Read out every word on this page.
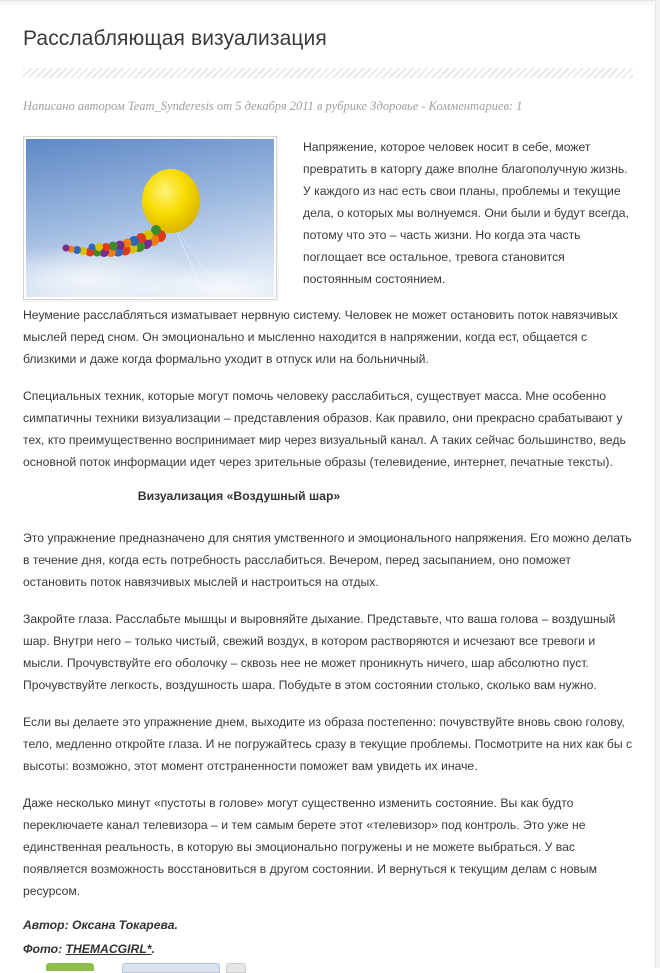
Расслабляющая визуализация
Написано автором Team_Synderesis от 5 декабря 2011 в рубрике Здоровье - Комментариев: 1

Напряжение, которое человек носит в себе, может превратить в каторгу даже вполне благополучную жизнь. У каждого из нас есть свои планы, проблемы и текущие дела, о которых мы волнуемся. Они были и будут всегда, потому что это – часть жизни. Но когда эта часть поглощает все остальное, тревога становится постоянным состоянием.

Неумение расслабляться изматывает нервную систему. Человек не может остановить поток навязчивых мыслей перед сном. Он эмоционально и мысленно находится в напряжении, когда ест, общается с близкими и даже когда формально уходит в отпуск или на больничный.

Специальных техник, которые могут помочь человеку расслабиться, существует масса. Мне особенно симпатичны техники визуализации – представления образов. Как правило, они прекрасно срабатывают у тех, кто преимущественно воспринимает мир через визуальный канал. А таких сейчас большинство, ведь основной поток информации идет через зрительные образы (телевидение, интернет, печатные тексты).

Визуализация «Воздушный шар»

Это упражнение предназначено для снятия умственного и эмоционального напряжения. Его можно делать в течение дня, когда есть потребность расслабиться. Вечером, перед засыпанием, оно поможет остановить поток навязчивых мыслей и настроиться на отдых.

Закройте глаза. Расслабьте мышцы и выровняйте дыхание. Представьте, что ваша голова – воздушный шар. Внутри него – только чистый, свежий воздух, в котором растворяются и исчезают все тревоги и мысли. Прочувствуйте его оболочку – сквозь нее не может проникнуть ничего, шар абсолютно пуст. Прочувствуйте легкость, воздушность шара. Побудьте в этом состоянии столько, сколько вам нужно.

Если вы делаете это упражнение днем, выходите из образа постепенно: почувствуйте вновь свою голову, тело, медленно откройте глаза. И не погружайтесь сразу в текущие проблемы. Посмотрите на них как бы с высоты: возможно, этот момент отстраненности поможет вам увидеть их иначе.

Даже несколько минут «пустоты в голове» могут существенно изменить состояние. Вы как будто переключаете канал телевизора – и тем самым берете этот «телевизор» под контроль. Это уже не единственная реальность, в которую вы эмоционально погружены и не можете выбраться. У вас появляется возможность восстановиться в другом состоянии. И вернуться к текущим делам с новым ресурсом.

Автор: Оксана Токарева.
Фото: THEMACGIRL*.
